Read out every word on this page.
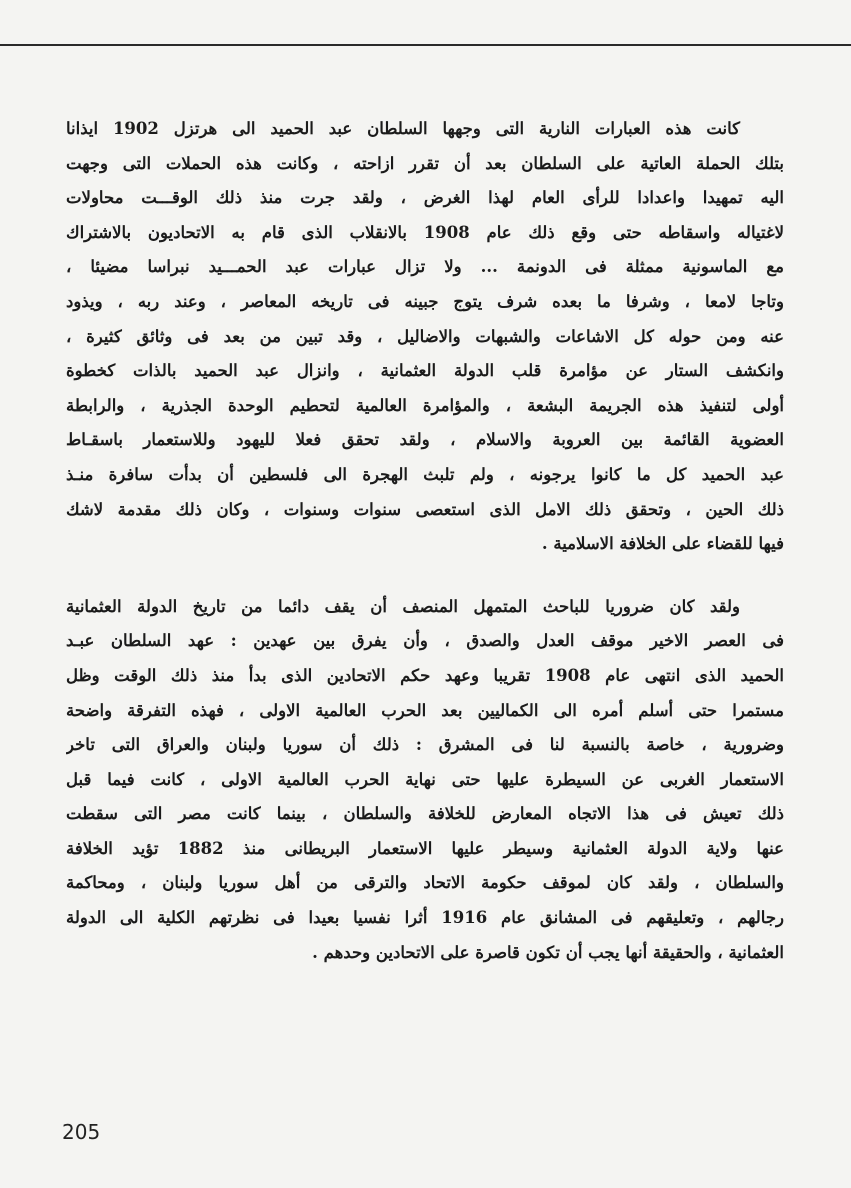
كانت هذه العبارات النارية التى وجهها السلطان عبد الحميد الى هرتزل 1902 ايذانا
بتلك الحملة العاتية على السلطان بعد أن تقرر ازاحته ، وكانت هذه الحملات التى وجهت
اليه تمهيدا واعدادا للرأى العام لهذا الغرض ، ولقد جرت منذ ذلك الوقـــت محاولات
لاغتياله واسقاطه حتى وقع ذلك عام 1908 بالانقلاب الذى قام به الاتحاديون بالاشتراك
مع الماسونية ممثلة فى الدونمة ... ولا تزال عبارات عبد الحمـــيد نبراسا مضيئا ،
وتاجا لامعا ، وشرفا ما بعده شرف يتوج جبينه فى تاريخه المعاصر ، وعند ربه ، ويذود
عنه ومن حوله كل الاشاعات والشبهات والاضاليل ، وقد تبين من بعد فى وثائق كثيرة ،
وانكشف الستار عن مؤامرة قلب الدولة العثمانية ، وانزال عبد الحميد بالذات كخطوة
أولى لتنفيذ هذه الجريمة البشعة ، والمؤامرة العالمية لتحطيم الوحدة الجذرية ، والرابطة
العضوية القائمة بين العروبة والاسلام ، ولقد تحقق فعلا لليهود وللاستعمار باسقـاط
عبد الحميد كل ما كانوا يرجونه ، ولم تلبث الهجرة الى فلسطين أن بدأت سافرة منـذ
ذلك الحين ، وتحقق ذلك الامل الذى استعصى سنوات وسنوات ، وكان ذلك مقدمة لاشك
فيها للقضاء على الخلافة الاسلامية .
ولقد كان ضروريا للباحث المتمهل المنصف أن يقف دائما من تاريخ الدولة العثمانية
فى العصر الاخير موقف العدل والصدق ، وأن يفرق بين عهدين : عهد السلطان عبـد
الحميد الذى انتهى عام 1908 تقريبا وعهد حكم الاتحادين الذى بدأ منذ ذلك الوقت وظل
مستمرا حتى أسلم أمره الى الكماليين بعد الحرب العالمية الاولى ، فهذه التفرقة واضحة
وضرورية ، خاصة بالنسبة لنا فى المشرق : ذلك أن سوريا ولبنان والعراق التى تاخر
الاستعمار الغربى عن السيطرة عليها حتى نهاية الحرب العالمية الاولى ، كانت فيما قبل
ذلك تعيش فى هذا الاتجاه المعارض للخلافة والسلطان ، بينما كانت مصر التى سقطت
عنها ولاية الدولة العثمانية وسيطر عليها الاستعمار البريطانى منذ 1882 تؤيد الخلافة
والسلطان ، ولقد كان لموقف حكومة الاتحاد والترقى من أهل سوريا ولبنان ، ومحاكمة
رجالهم ، وتعليقهم فى المشانق عام 1916 أثرا نفسيا بعيدا فى نظرتهم الكلية الى الدولة
العثمانية ، والحقيقة أنها يجب أن تكون قاصرة على الاتحادين وحدهم .
205
